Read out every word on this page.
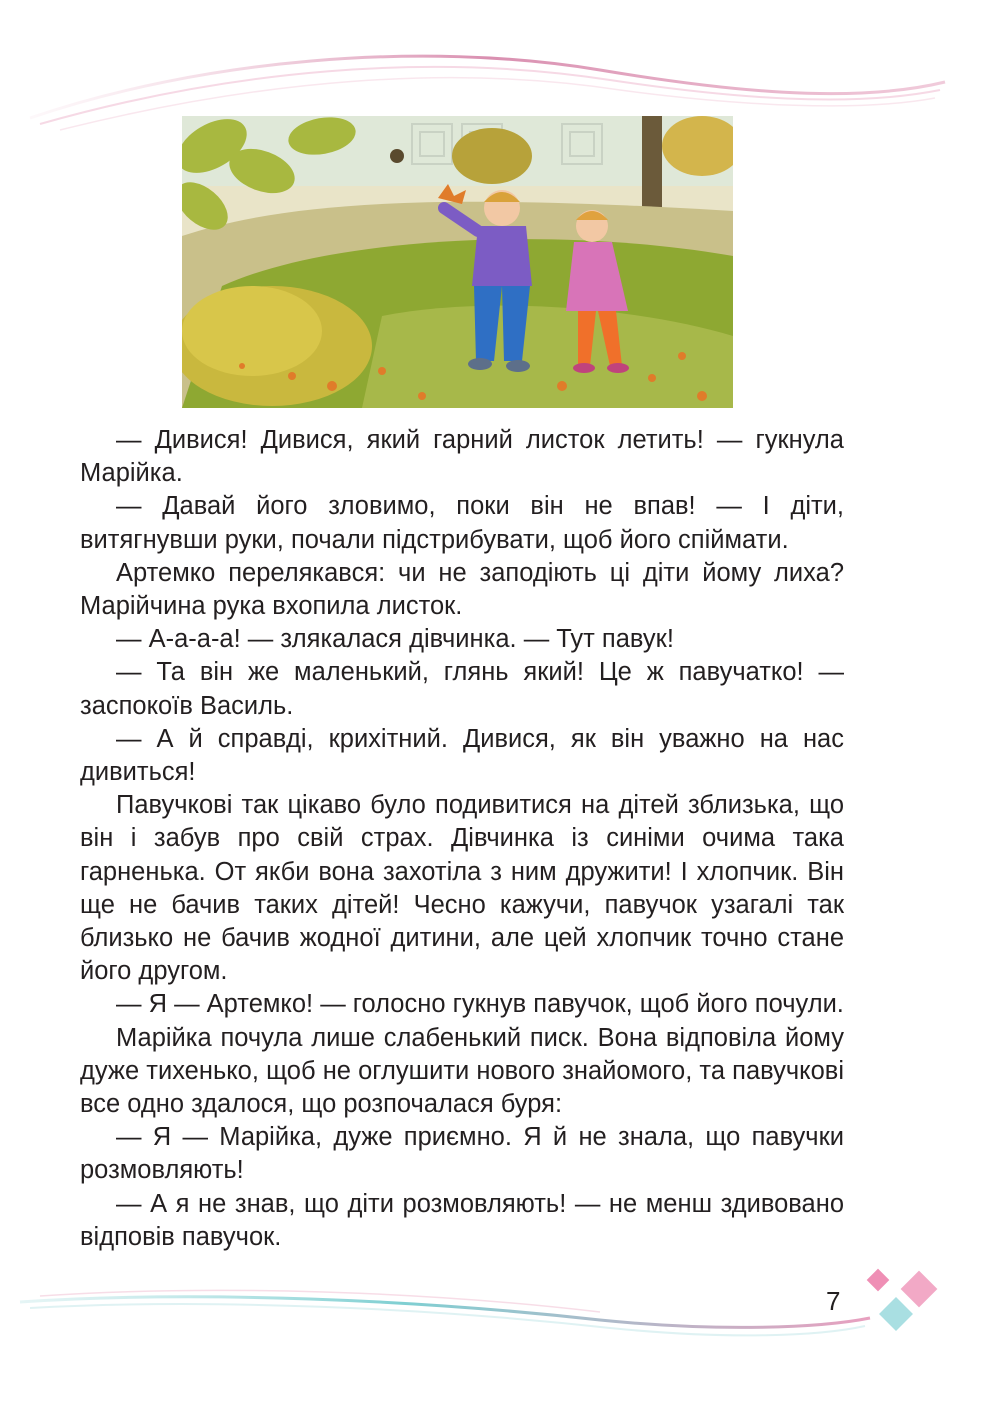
— Дивися! Дивися, який гарний листок летить! — гукнула Марійка.

— Давай його зловимо, поки він не впав! — І діти, витягнувши руки, почали підстрибувати, щоб його спіймати.

Артемко перелякався: чи не заподіють ці діти йому лиха? Марійчина рука вхопила листок.

— А-а-а-а! — злякалася дівчинка. — Тут павук!

— Та він же маленький, глянь який! Це ж павучатко! — заспокоїв Василь.

— А й справді, крихітний. Дивися, як він уважно на нас дивиться!

Павучкові так цікаво було подивитися на дітей зблизька, що він і забув про свій страх. Дівчинка із синіми очима така гарненька. От якби вона захотіла з ним дружити! І хлопчик. Він ще не бачив таких дітей! Чесно кажучи, павучок узагалі так близько не бачив жодної дитини, але цей хлопчик точно стане його другом.

— Я — Артемко! — голосно гукнув павучок, щоб його почули.

Марійка почула лише слабенький писк. Вона відповіла йому дуже тихенько, щоб не оглушити нового знайомого, та павучкові все одно здалося, що розпочалася буря:

— Я — Марійка, дуже приємно. Я й не знала, що павучки розмовляють!

— А я не знав, що діти розмовляють! — не менш здивовано відповів павучок.

7
